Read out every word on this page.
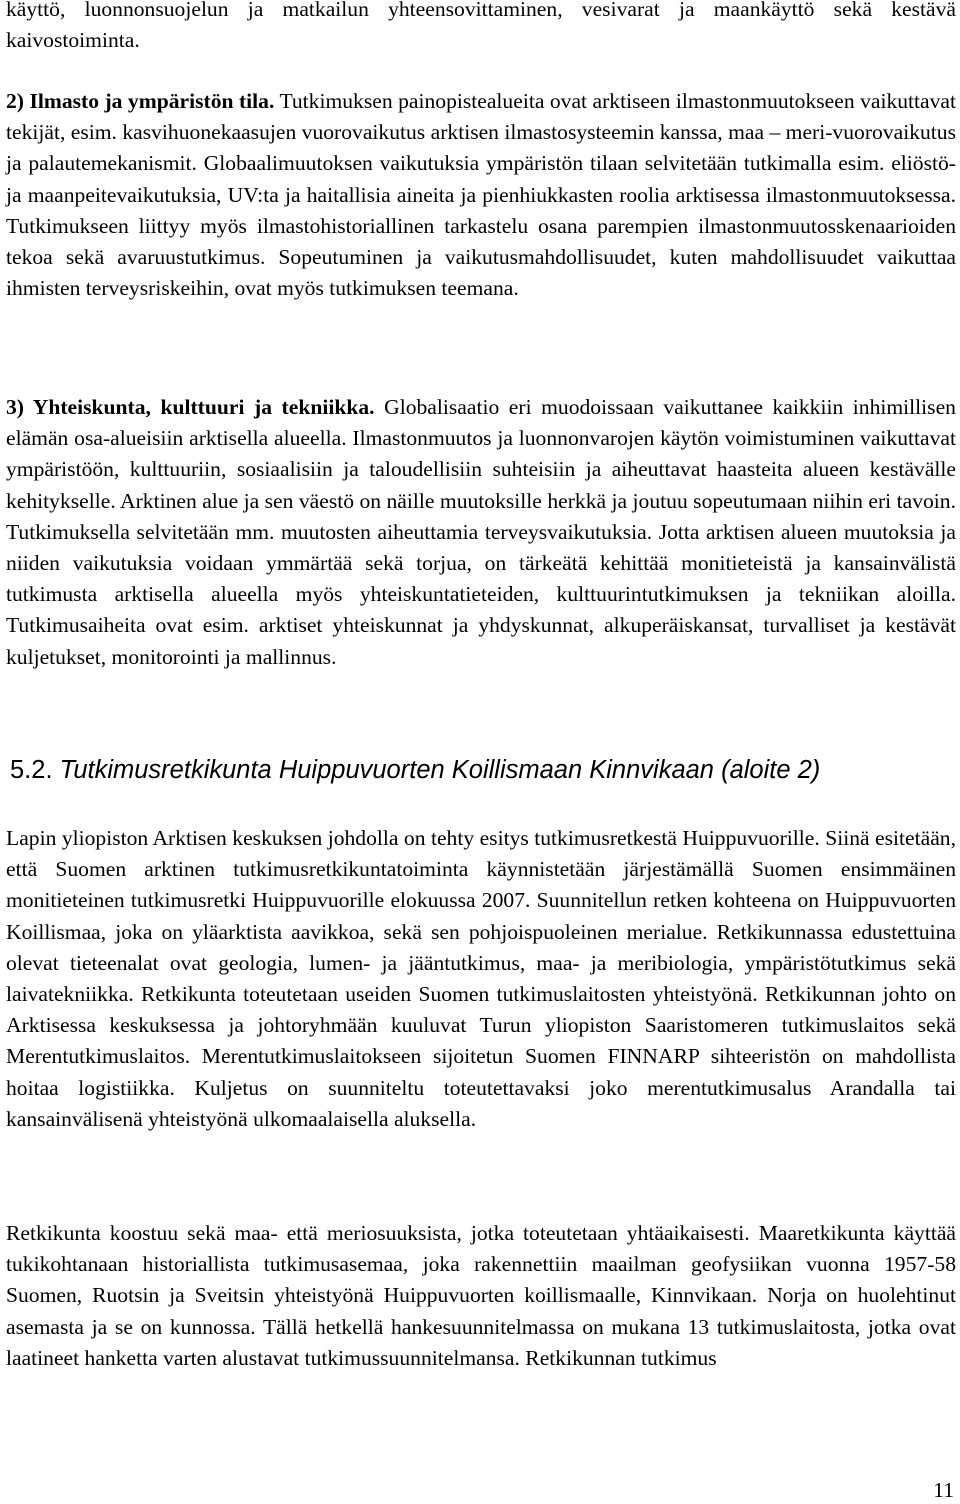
käyttö, luonnonsuojelun ja matkailun yhteensovittaminen, vesivarat ja maankäyttö sekä kestävä kaivostoiminta.

2) Ilmasto ja ympäristön tila. Tutkimuksen painopistealueita ovat arktiseen ilmastonmuutokseen vaikuttavat tekijät, esim. kasvihuonekaasujen vuorovaikutus arktisen ilmastosysteemin kanssa, maa – meri-vuorovaikutus ja palautemekanismit. Globaalimuutoksen vaikutuksia ympäristön tilaan selvitetään tutkimalla esim. eliöstö- ja maanpeitevaikutuksia, UV:ta ja haitallisia aineita ja pienhiukkasten roolia arktisessa ilmastonmuutoksessa. Tutkimukseen liittyy myös ilmastohistoriallinen tarkastelu osana parempien ilmastonmuutosskenaarioiden tekoa sekä avaruustutkimus. Sopeutuminen ja vaikutusmahdollisuudet, kuten mahdollisuudet vaikuttaa ihmisten terveysriskeihin, ovat myös tutkimuksen teemana.

3) Yhteiskunta, kulttuuri ja tekniikka. Globalisaatio eri muodoissaan vaikuttanee kaikkiin inhimillisen elämän osa-alueisiin arktisella alueella. Ilmastonmuutos ja luonnonvarojen käytön voimistuminen vaikuttavat ympäristöön, kulttuuriin, sosiaalisiin ja taloudellisiin suhteisiin ja aiheuttavat haasteita alueen kestävälle kehitykselle. Arktinen alue ja sen väestö on näille muutoksille herkkä ja joutuu sopeutumaan niihin eri tavoin. Tutkimuksella selvitetään mm. muutosten aiheuttamia terveysvaikutuksia. Jotta arktisen alueen muutoksia ja niiden vaikutuksia voidaan ymmärtää sekä torjua, on tärkeätä kehittää monitieteistä ja kansainvälistä tutkimusta arktisella alueella myös yhteiskuntatieteiden, kulttuurintutkimuksen ja tekniikan aloilla. Tutkimusaiheita ovat esim. arktiset yhteiskunnat ja yhdyskunnat, alkuperäiskansat, turvalliset ja kestävät kuljetukset, monitorointi ja mallinnus.

5.2. Tutkimusretkikunta Huippuvuorten Koillismaan Kinnvikaan (aloite 2)

Lapin yliopiston Arktisen keskuksen johdolla on tehty esitys tutkimusretkestä Huippuvuorille. Siinä esitetään, että Suomen arktinen tutkimusretkikuntatoiminta käynnistetään järjestämällä Suomen ensimmäinen monitieteinen tutkimusretki Huippuvuorille elokuussa 2007. Suunnitellun retken kohteena on Huippuvuorten Koillismaa, joka on yläarktista aavikkoa, sekä sen pohjoispuoleinen merialue. Retkikunnassa edustettuina olevat tieteenalat ovat geologia, lumen- ja jääntutkimus, maa- ja meribiologia, ympäristötutkimus sekä laivatekniikka. Retkikunta toteutetaan useiden Suomen tutkimuslaitosten yhteistyönä. Retkikunnan johto on Arktisessa keskuksessa ja johtoryhmään kuuluvat Turun yliopiston Saaristomeren tutkimuslaitos sekä Merentutkimuslaitos. Merentutkimuslaitokseen sijoitetun Suomen FINNARP sihteeristön on mahdollista hoitaa logistiikka. Kuljetus on suunniteltu toteutettavaksi joko merentutkimusalus Arandalla tai kansainvälisenä yhteistyönä ulkomaalaisella aluksella.

Retkikunta koostuu sekä maa- että meriosuuksista, jotka toteutetaan yhtäaikaisesti. Maaretkikunta käyttää tukikohtanaan historiallista tutkimusasemaa, joka rakennettiin maailman geofysiikan vuonna 1957-58 Suomen, Ruotsin ja Sveitsin yhteistyönä Huippuvuorten koillismaalle, Kinnvikaan. Norja on huolehtinut asemasta ja se on kunnossa. Tällä hetkellä hankesuunnitelmassa on mukana 13 tutkimuslaitosta, jotka ovat laatineet hanketta varten alustavat tutkimussuunnitelmansa. Retkikunnan tutkimus

11
